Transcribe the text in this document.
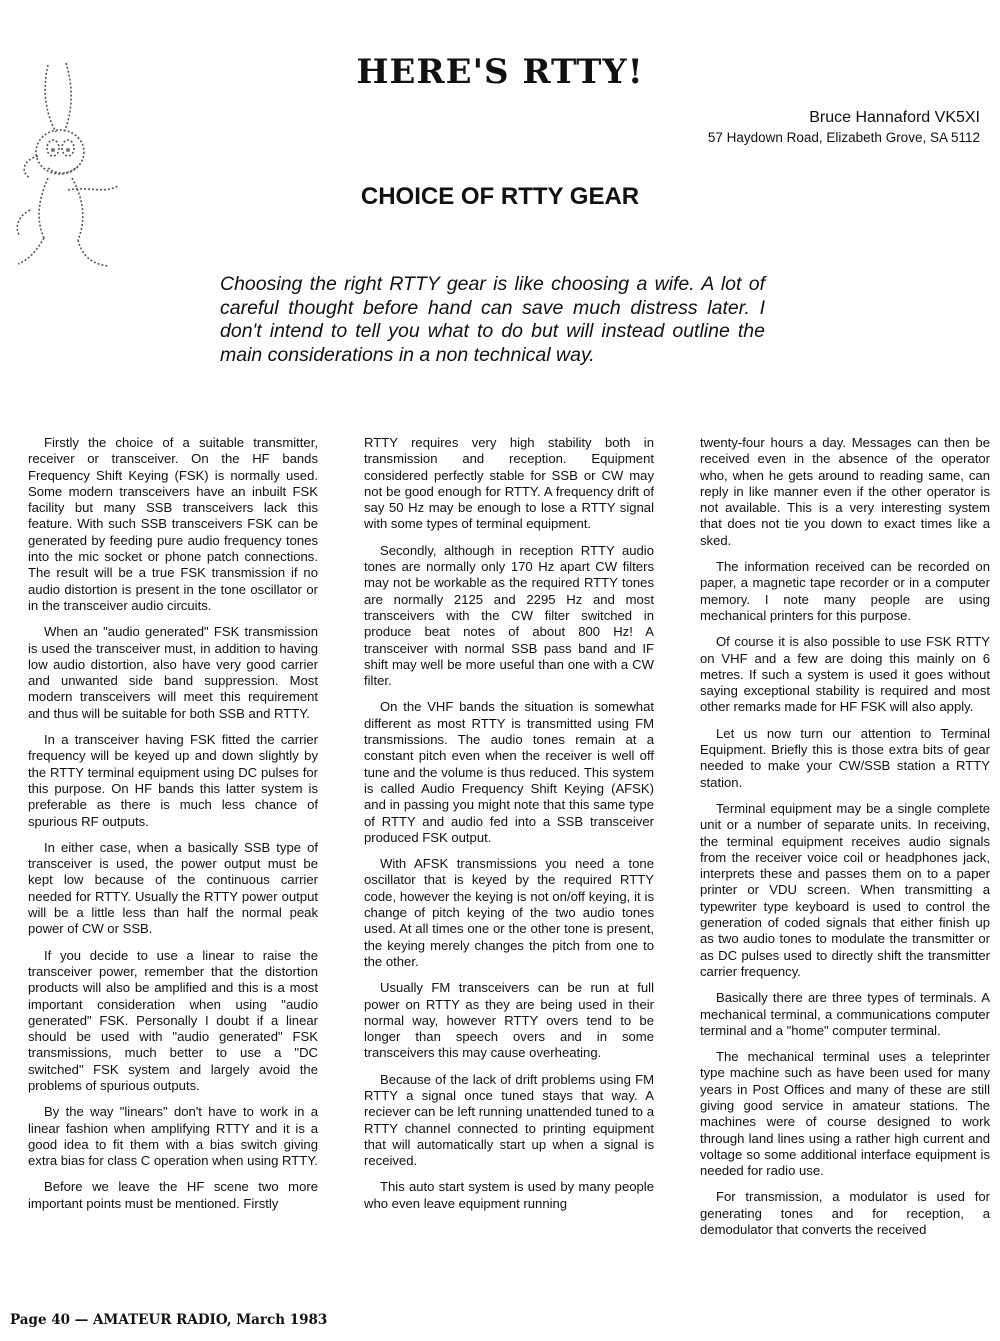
HERE'S RTTY!
Bruce Hannaford VK5XI
57 Haydown Road, Elizabeth Grove, SA 5112
CHOICE OF RTTY GEAR

Choosing the right RTTY gear is like choosing a wife. A lot of careful thought before hand can save much distress later. I don't intend to tell you what to do but will instead outline the main considerations in a non technical way.

Firstly the choice of a suitable transmitter, receiver or transceiver. On the HF bands Frequency Shift Keying (FSK) is normally used. Some modern transceivers have an inbuilt FSK facility but many SSB transceivers lack this feature. With such SSB transceivers FSK can be generated by feeding pure audio frequency tones into the mic socket or phone patch connections. The result will be a true FSK transmission if no audio distortion is present in the tone oscillator or in the transceiver audio circuits.

When an "audio generated" FSK transmission is used the transceiver must, in addition to having low audio distortion, also have very good carrier and unwanted side band suppression. Most modern transceivers will meet this requirement and thus will be suitable for both SSB and RTTY.

In a transceiver having FSK fitted the carrier frequency will be keyed up and down slightly by the RTTY terminal equipment using DC pulses for this purpose. On HF bands this latter system is preferable as there is much less chance of spurious RF outputs.

In either case, when a basically SSB type of transceiver is used, the power output must be kept low because of the continuous carrier needed for RTTY. Usually the RTTY power output will be a little less than half the normal peak power of CW or SSB.

If you decide to use a linear to raise the transceiver power, remember that the distortion products will also be amplified and this is a most important consideration when using "audio generated" FSK. Personally I doubt if a linear should be used with "audio generated" FSK transmissions, much better to use a "DC switched" FSK system and largely avoid the problems of spurious outputs.

By the way "linears" don't have to work in a linear fashion when amplifying RTTY and it is a good idea to fit them with a bias switch giving extra bias for class C operation when using RTTY.

Before we leave the HF scene two more important points must be mentioned. Firstly

RTTY requires very high stability both in transmission and reception. Equipment considered perfectly stable for SSB or CW may not be good enough for RTTY. A frequency drift of say 50 Hz may be enough to lose a RTTY signal with some types of terminal equipment.

Secondly, although in reception RTTY audio tones are normally only 170 Hz apart CW filters may not be workable as the required RTTY tones are normally 2125 and 2295 Hz and most transceivers with the CW filter switched in produce beat notes of about 800 Hz! A transceiver with normal SSB pass band and IF shift may well be more useful than one with a CW filter.

On the VHF bands the situation is somewhat different as most RTTY is transmitted using FM transmissions. The audio tones remain at a constant pitch even when the receiver is well off tune and the volume is thus reduced. This system is called Audio Frequency Shift Keying (AFSK) and in passing you might note that this same type of RTTY and audio fed into a SSB transceiver produced FSK output.

With AFSK transmissions you need a tone oscillator that is keyed by the required RTTY code, however the keying is not on/off keying, it is change of pitch keying of the two audio tones used. At all times one or the other tone is present, the keying merely changes the pitch from one to the other.

Usually FM transceivers can be run at full power on RTTY as they are being used in their normal way, however RTTY overs tend to be longer than speech overs and in some transceivers this may cause overheating.

Because of the lack of drift problems using FM RTTY a signal once tuned stays that way. A reciever can be left running unattended tuned to a RTTY channel connected to printing equipment that will automatically start up when a signal is received.

This auto start system is used by many people who even leave equipment running

twenty-four hours a day. Messages can then be received even in the absence of the operator who, when he gets around to reading same, can reply in like manner even if the other operator is not available. This is a very interesting system that does not tie you down to exact times like a sked.

The information received can be recorded on paper, a magnetic tape recorder or in a computer memory. I note many people are using mechanical printers for this purpose.

Of course it is also possible to use FSK RTTY on VHF and a few are doing this mainly on 6 metres. If such a system is used it goes without saying exceptional stability is required and most other remarks made for HF FSK will also apply.

Let us now turn our attention to Terminal Equipment. Briefly this is those extra bits of gear needed to make your CW/SSB station a RTTY station.

Terminal equipment may be a single complete unit or a number of separate units. In receiving, the terminal equipment receives audio signals from the receiver voice coil or headphones jack, interprets these and passes them on to a paper printer or VDU screen. When transmitting a typewriter type keyboard is used to control the generation of coded signals that either finish up as two audio tones to modulate the transmitter or as DC pulses used to directly shift the transmitter carrier frequency.

Basically there are three types of terminals. A mechanical terminal, a communications computer terminal and a "home" computer terminal.

The mechanical terminal uses a teleprinter type machine such as have been used for many years in Post Offices and many of these are still giving good service in amateur stations. The machines were of course designed to work through land lines using a rather high current and voltage so some additional interface equipment is needed for radio use.

For transmission, a modulator is used for generating tones and for reception, a demodulator that converts the received

Page 40 — AMATEUR RADIO, March 1983
